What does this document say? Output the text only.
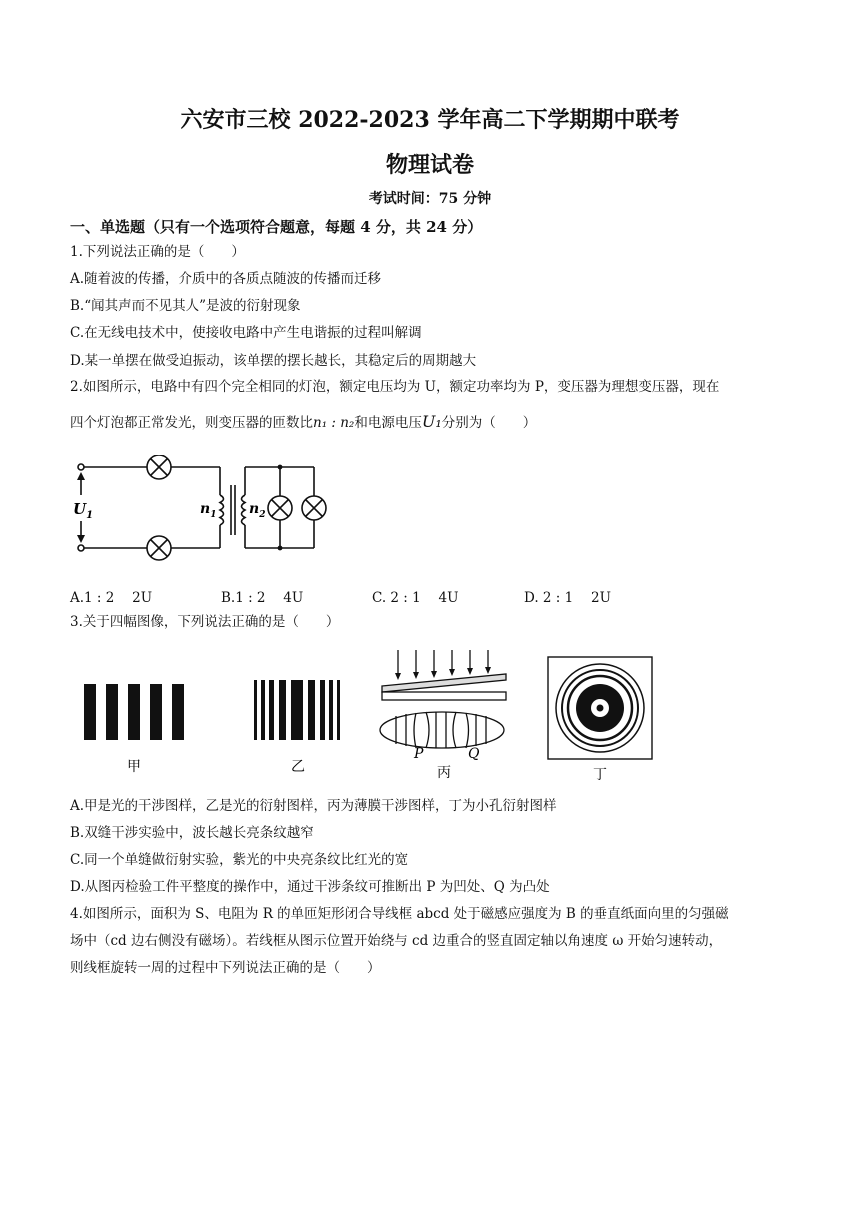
六安市三校 2022-2023 学年高二下学期期中联考
物理试卷
考试时间：75 分钟
一、单选题（只有一个选项符合题意，每题 4 分，共 24 分）
1.下列说法正确的是（　　）
A.随着波的传播，介质中的各质点随波的传播而迁移
B.“闻其声而不见其人”是波的衍射现象
C.在无线电技术中，使接收电路中产生电谐振的过程叫解调
D.某一单摆在做受迫振动，该单摆的摆长越长，其稳定后的周期越大
2.如图所示，电路中有四个完全相同的灯泡，额定电压均为 U，额定功率均为 P，变压器为理想变压器，现在
四个灯泡都正常发光，则变压器的匝数比n₁ : n₂和电源电压U₁分别为（　　）
$U_1$	$n_1$ $n_2$
A.1 : 2　 2U	B.1 : 2　 4U	C. 2 : 1　 4U	D. 2 : 1　 2U
3.关于四幅图像，下列说法正确的是（　　）
甲	乙
P	Q
丙	丁
A.甲是光的干涉图样，乙是光的衍射图样，丙为薄膜干涉图样，丁为小孔衍射图样
B.双缝干涉实验中，波长越长亮条纹越窄
C.同一个单缝做衍射实验，紫光的中央亮条纹比红光的宽
D.从图丙检验工件平整度的操作中，通过干涉条纹可推断出 P 为凹处、Q 为凸处
4.如图所示，面积为 S、电阻为 R 的单匝矩形闭合导线框 abcd 处于磁感应强度为 B 的垂直纸面向里的匀强磁
场中（cd 边右侧没有磁场）。若线框从图示位置开始绕与 cd 边重合的竖直固定轴以角速度 ω 开始匀速转动，
则线框旋转一周的过程中下列说法正确的是（　　）
